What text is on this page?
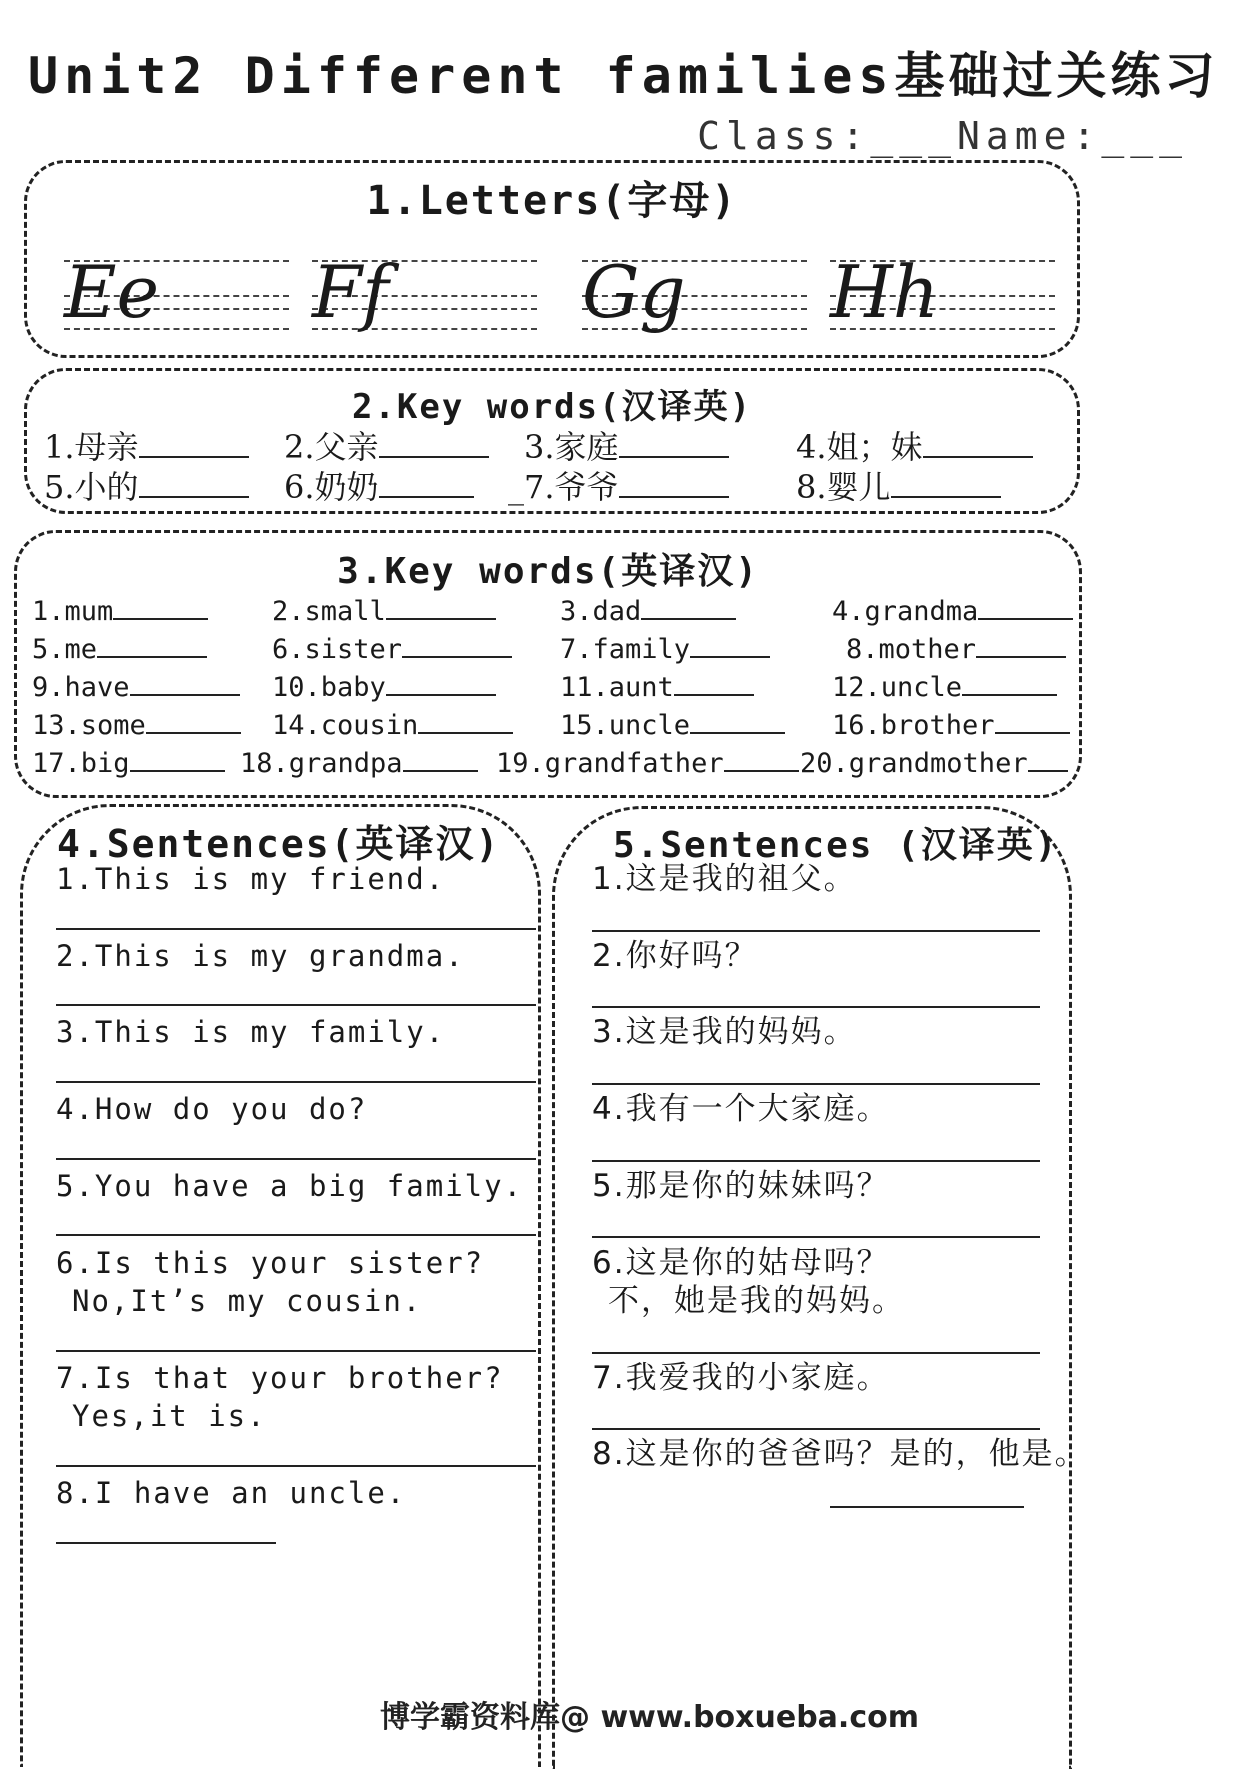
Unit2 Different families基础过关练习
Class:___Name:___
1.Letters(字母)
Ee Ff	Gg Hh
2.Key words(汉译英)
1.母亲	2.父亲	3.家庭	4.姐；妹
5.小的	6.奶奶	_7.爷爷	8.婴儿
3.Key words(英译汉)
1.mum	2.small	3.dad	4.grandma
5.me	6.sister	7.family	8.mother
9.have	10.baby	11.aunt	12.uncle
13.some	14.cousin	15.uncle	16.brother
17.big	18.grandpa	19.grandfather	20.grandmother
4.Sentences(英译汉)
1.This is my friend.
2.This is my grandma.
3.This is my family.
4.How do you do?
5.You have a big family.
6.Is this your sister?
No,It’s my cousin.
7.Is that your brother?
Yes,it is.
8.I have an uncle.
5.Sentences (汉译英)
1.这是我的祖父。
2.你好吗？
3.这是我的妈妈。
4.我有一个大家庭。
5.那是你的妹妹吗？
6.这是你的姑母吗？
不，她是我的妈妈。
7.我爱我的小家庭。
8.这是你的爸爸吗？是的，他是。
博学霸资料库@ www.boxueba.com
